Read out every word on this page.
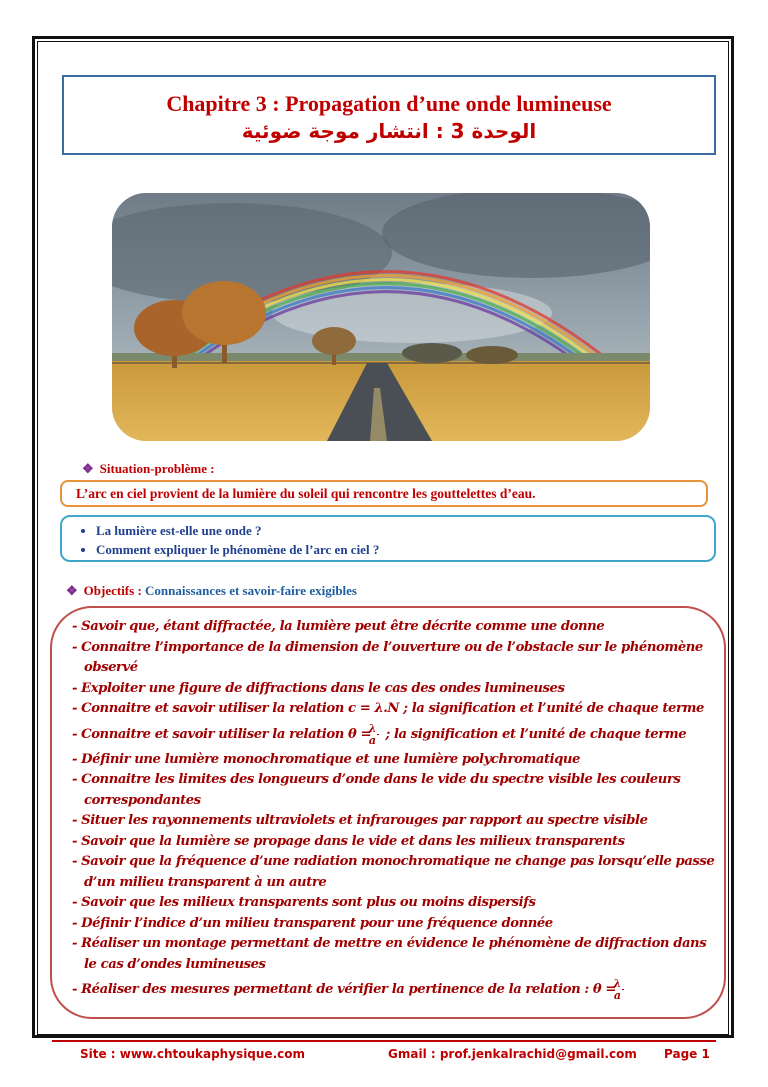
Chapitre 3 : Propagation d’une onde lumineuse
الوحدة 3 : انتشار موجة ضوئية
❖ Situation-problème :
L’arc en ciel provient de la lumière du soleil qui rencontre les gouttelettes d’eau.
• La lumière est-elle une onde ?
• Comment expliquer le phénomène de l’arc en ciel ?
❖ Objectifs : Connaissances et savoir-faire exigibles
- Savoir que, étant diffractée, la lumière peut être décrite comme une donne
- Connaitre l’importance de la dimension de l’ouverture ou de l’obstacle sur le phénomène observé
- Exploiter une figure de diffractions dans le cas des ondes lumineuses
- Connaitre et savoir utiliser la relation c = λ.N ; la signification et l’unité de chaque terme
- Connaitre et savoir utiliser la relation $\theta = \frac{\lambda}{a}$ ; la signification et l’unité de chaque terme
- Définir une lumière monochromatique et une lumière polychromatique
- Connaitre les limites des longueurs d’onde dans le vide du spectre visible les couleurs correspondantes
- Situer les rayonnements ultraviolets et infrarouges par rapport au spectre visible
- Savoir que la lumière se propage dans le vide et dans les milieux transparents
- Savoir que la fréquence d’une radiation monochromatique ne change pas lorsqu’elle passe d’un milieu transparent à un autre
- Savoir que les milieux transparents sont plus ou moins dispersifs
- Définir l’indice d’un milieu transparent pour une fréquence donnée
- Réaliser un montage permettant de mettre en évidence le phénomène de diffraction dans le cas d’ondes lumineuses
- Réaliser des mesures permettant de vérifier la pertinence de la relation : $\theta = \frac{\lambda}{a}$
Site : www.chtoukaphysique.com	Gmail : prof.jenkalrachid@gmail.com Page 1
